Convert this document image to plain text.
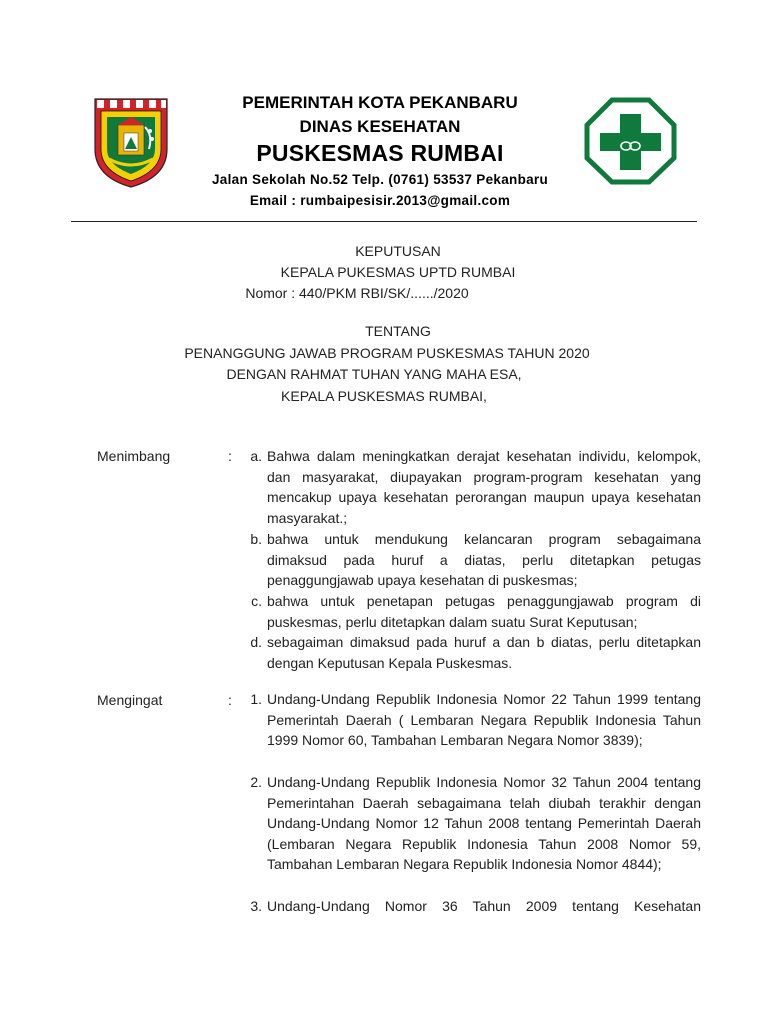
PEMERINTAH KOTA PEKANBARU
DINAS KESEHATAN
PUSKESMAS RUMBAI
Jalan Sekolah No.52 Telp. (0761) 53537 Pekanbaru
Email : rumbaipesisir.2013@gmail.com
KEPUTUSAN
KEPALA PUKESMAS UPTD RUMBAI
Nomor : 440/PKM RBI/SK/....../2020
TENTANG
PENANGGUNG JAWAB PROGRAM PUSKESMAS TAHUN 2020
DENGAN RAHMAT TUHAN YANG MAHA ESA,
KEPALA PUSKESMAS RUMBAI,
Menimbang	:	a. Bahwa dalam meningkatkan derajat kesehatan individu, kelompok, dan masyarakat, diupayakan program-program kesehatan yang mencakup upaya kesehatan perorangan maupun upaya kesehatan masyarakat.;
b. bahwa untuk mendukung kelancaran program sebagaimana dimaksud pada huruf a diatas, perlu ditetapkan petugas penaggungjawab upaya kesehatan di puskesmas;
c. bahwa untuk penetapan petugas penaggungjawab program di puskesmas, perlu ditetapkan dalam suatu Surat Keputusan;
d. sebagaiman dimaksud pada huruf a dan b diatas, perlu ditetapkan dengan Keputusan Kepala Puskesmas.
Mengingat	:	1. Undang-Undang Republik Indonesia Nomor 22 Tahun 1999 tentang Pemerintah Daerah ( Lembaran Negara Republik Indonesia Tahun 1999 Nomor 60, Tambahan Lembaran Negara Nomor 3839);
2. Undang-Undang Republik Indonesia Nomor 32 Tahun 2004 tentang Pemerintahan Daerah sebagaimana telah diubah terakhir dengan Undang-Undang Nomor 12 Tahun 2008 tentang Pemerintah Daerah (Lembaran Negara Republik Indonesia Tahun 2008 Nomor 59, Tambahan Lembaran Negara Republik Indonesia Nomor 4844);
3. Undang-Undang Nomor 36 Tahun 2009 tentang Kesehatan
